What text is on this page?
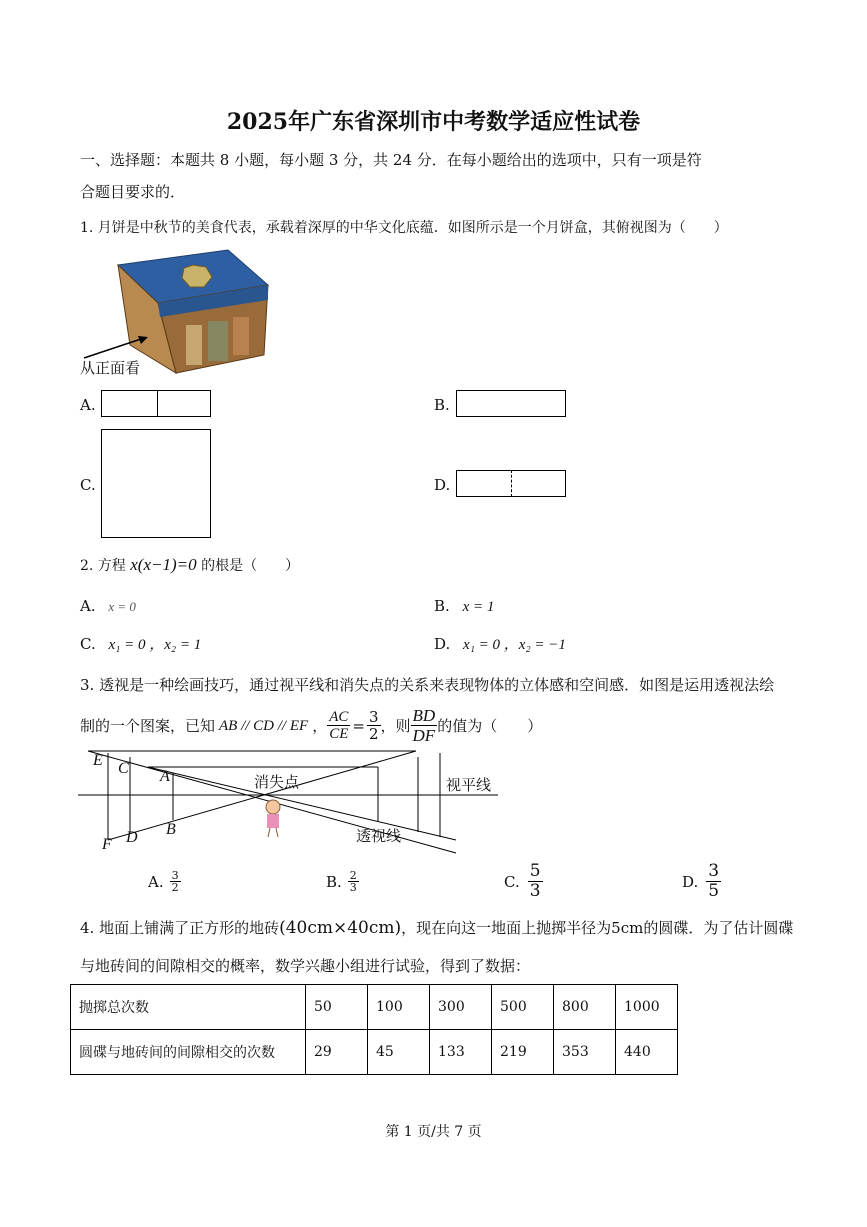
2025年广东省深圳市中考数学适应性试卷
一、选择题：本题共 8 小题，每小题 3 分，共 24 分．在每小题给出的选项中，只有一项是符
合题目要求的．
1. 月饼是中秋节的美食代表，承载着深厚的中华文化底蕴．如图所示是一个月饼盒，其俯视图为（　　）
从正面看
A.	B.
C.	D.
2. 方程 x(x−1)=0 的根是（　　）
A. x = 0	B. x = 1
C. x₁ = 0 ，x₂ = 1	D. x₁ = 0 ，x₂ = −1
3. 透视是一种绘画技巧，通过视平线和消失点的关系来表现物体的立体感和空间感．如图是运用透视法绘
制的一个图案，已知 AB // CD // EF ， $\frac{AC}{CE} = \frac{3}{2}$ ，则 $\frac{BD}{DF}$ 的值为（　　）
E C A
F D B
消失点	视平线
透视线
A. $\frac{3}{2}$	B. $\frac{2}{3}$	C. $\frac{5}{3}$	D. $\frac{3}{5}$
4. 地面上铺满了正方形的地砖(40cm×40cm)，现在向这一地面上抛掷半径为5cm的圆碟．为了估计圆碟
与地砖间的间隙相交的概率，数学兴趣小组进行试验，得到了数据：
抛掷总次数	50	100	300	500	800	1000
圆碟与地砖间的间隙相交的次数	29	45	133	219	353	440
第 1 页/共 7 页
